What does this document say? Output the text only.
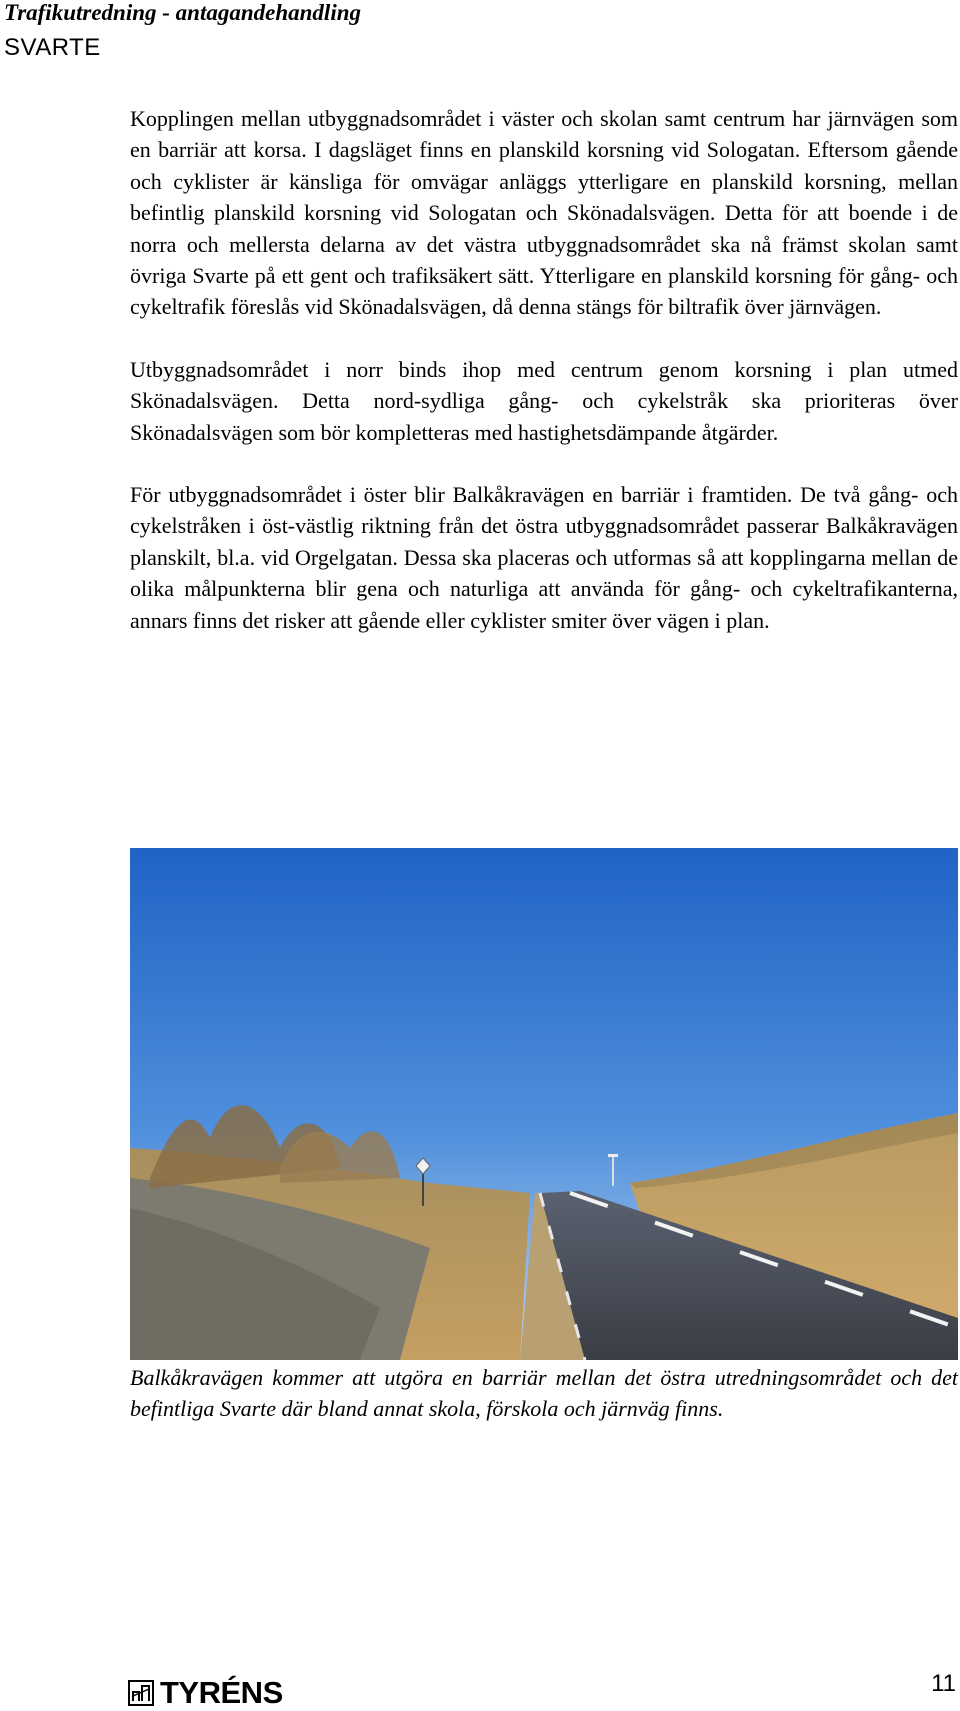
Trafikutredning - antagandehandling
SVARTE

Kopplingen mellan utbyggnadsområdet i väster och skolan samt centrum har järnvägen som en barriär att korsa. I dagsläget finns en planskild korsning vid Sologatan. Eftersom gående och cyklister är känsliga för omvägar anläggs ytterligare en planskild korsning, mellan befintlig planskild korsning vid Sologatan och Skönadalsvägen. Detta för att boende i de norra och mellersta delarna av det västra utbyggnadsområdet ska nå främst skolan samt övriga Svarte på ett gent och trafiksäkert sätt. Ytterligare en planskild korsning för gång- och cykeltrafik föreslås vid Skönadalsvägen, då denna stängs för biltrafik över järnvägen.

Utbyggnadsområdet i norr binds ihop med centrum genom korsning i plan utmed Skönadalsvägen. Detta nord-sydliga gång- och cykelstråk ska prioriteras över Skönadalsvägen som bör kompletteras med hastighetsdämpande åtgärder.

För utbyggnadsområdet i öster blir Balkåkravägen en barriär i framtiden. De två gång- och cykelstråken i öst-västlig riktning från det östra utbyggnadsområdet passerar Balkåkravägen planskilt, bl.a. vid Orgelgatan. Dessa ska placeras och utformas så att kopplingarna mellan de olika målpunkterna blir gena och naturliga att använda för gång- och cykeltrafikanterna, annars finns det risker att gående eller cyklister smiter över vägen i plan.

Balkåkravägen kommer att utgöra en barriär mellan det östra utredningsområdet och det befintliga Svarte där bland annat skola, förskola och järnväg finns.

TYRÉNS	11
